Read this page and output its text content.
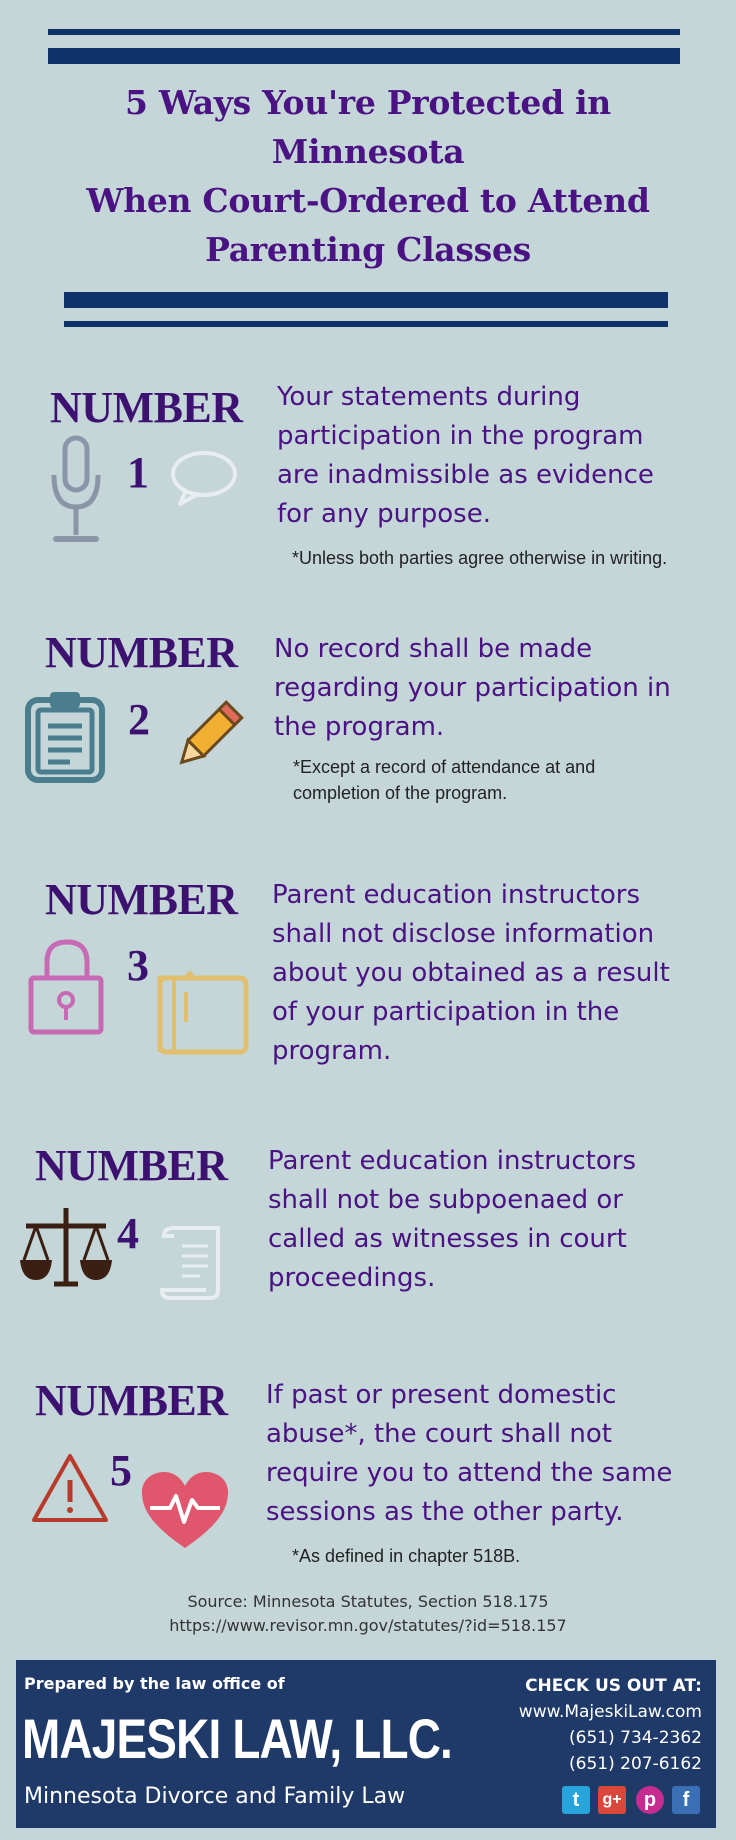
5 Ways You're Protected in
Minnesota
When Court-Ordered to Attend
Parenting Classes
NUMBER
1
Your statements during
participation in the program
are inadmissible as evidence
for any purpose.
*Unless both parties agree otherwise in writing.
NUMBER
2
No record shall be made
regarding your participation in
the program.
*Except a record of attendance at and
completion of the program.
NUMBER
3
Parent education instructors
shall not disclose information
about you obtained as a result
of your participation in the
program.
NUMBER
4
Parent education instructors
shall not be subpoenaed or
called as witnesses in court
proceedings.
NUMBER
5
If past or present domestic
abuse*, the court shall not
require you to attend the same
sessions as the other party.
*As defined in chapter 518B.
Source: Minnesota Statutes, Section 518.175
https://www.revisor.mn.gov/statutes/?id=518.157
Prepared by the law office of
MAJESKI LAW, LLC.
Minnesota Divorce and Family Law
CHECK US OUT AT:
www.MajeskiLaw.com
(651) 734-2362
(651) 207-6162
t	g+	p	f
